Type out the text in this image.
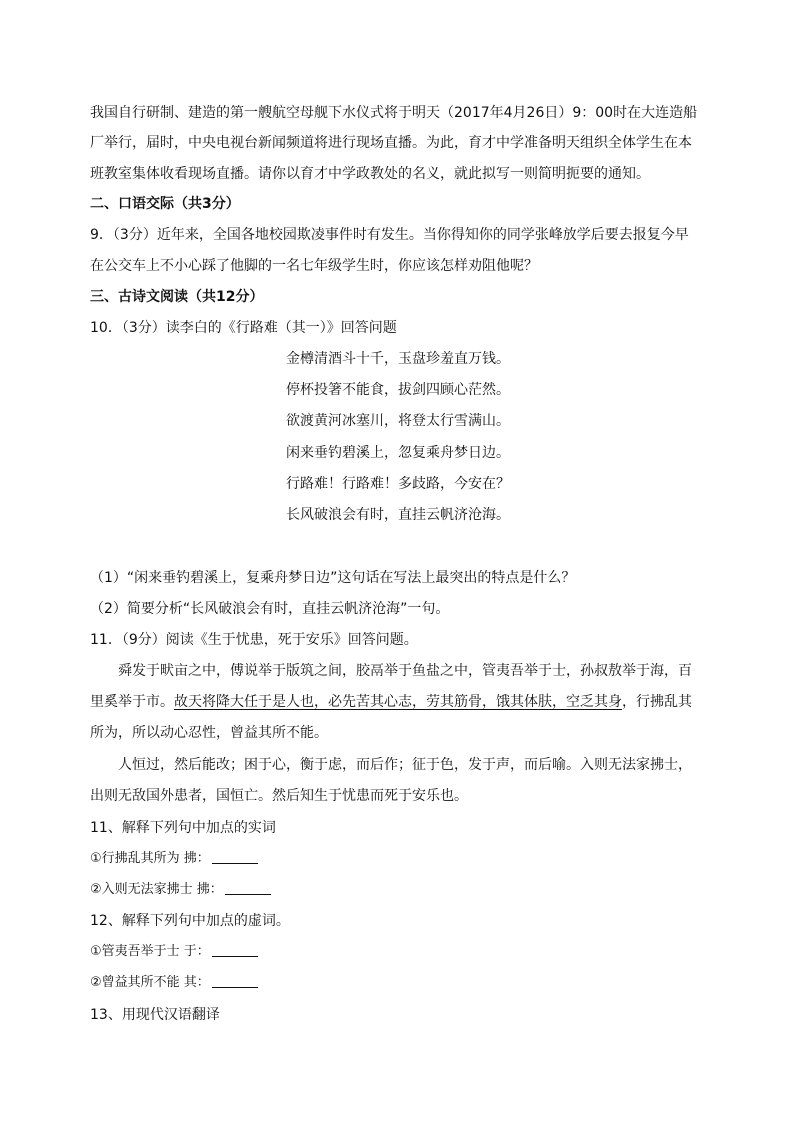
我国自行研制、建造的第一艘航空母舰下水仪式将于明天（2017年4月26日）9：00时在大连造船
厂举行，届时，中央电视台新闻频道将进行现场直播。为此，育才中学准备明天组织全体学生在本
班教室集体收看现场直播。请你以育才中学政教处的名义，就此拟写一则简明扼要的通知。
二、口语交际（共3分）
9．（3分）近年来，全国各地校园欺凌事件时有发生。当你得知你的同学张峰放学后要去报复今早
在公交车上不小心踩了他脚的一名七年级学生时，你应该怎样劝阻他呢？
三、古诗文阅读（共12分）
10．（3分）读李白的《行路难（其一）》回答问题
金樽清酒斗十千，玉盘珍羞直万钱。
停杯投箸不能食，拔剑四顾心茫然。
欲渡黄河冰塞川，将登太行雪满山。
闲来垂钓碧溪上，忽复乘舟梦日边。
行路难！行路难！多歧路，今安在？
长风破浪会有时，直挂云帆济沧海。
（1）“闲来垂钓碧溪上，复乘舟梦日边”这句话在写法上最突出的特点是什么？
（2）简要分析“长风破浪会有时，直挂云帆济沧海”一句。
11．（9分）阅读《生于忧患，死于安乐》回答问题。
舜发于畎亩之中，傅说举于版筑之间，胶鬲举于鱼盐之中，管夷吾举于士，孙叔敖举于海，百
里奚举于市。故天将降大任于是人也，必先苦其心志，劳其筋骨，饿其体肤，空乏其身，行拂乱其
所为，所以动心忍性，曾益其所不能。
人恒过，然后能改；困于心，衡于虑，而后作；征于色，发于声，而后喻。入则无法家拂士，
出则无敌国外患者，国恒亡。然后知生于忧患而死于安乐也。
11、解释下列句中加点的实词
①行拂乱其所为 拂：
②入则无法家拂士 拂：
12、解释下列句中加点的虚词。
①管夷吾举于士 于：
②曾益其所不能 其：
13、用现代汉语翻译
